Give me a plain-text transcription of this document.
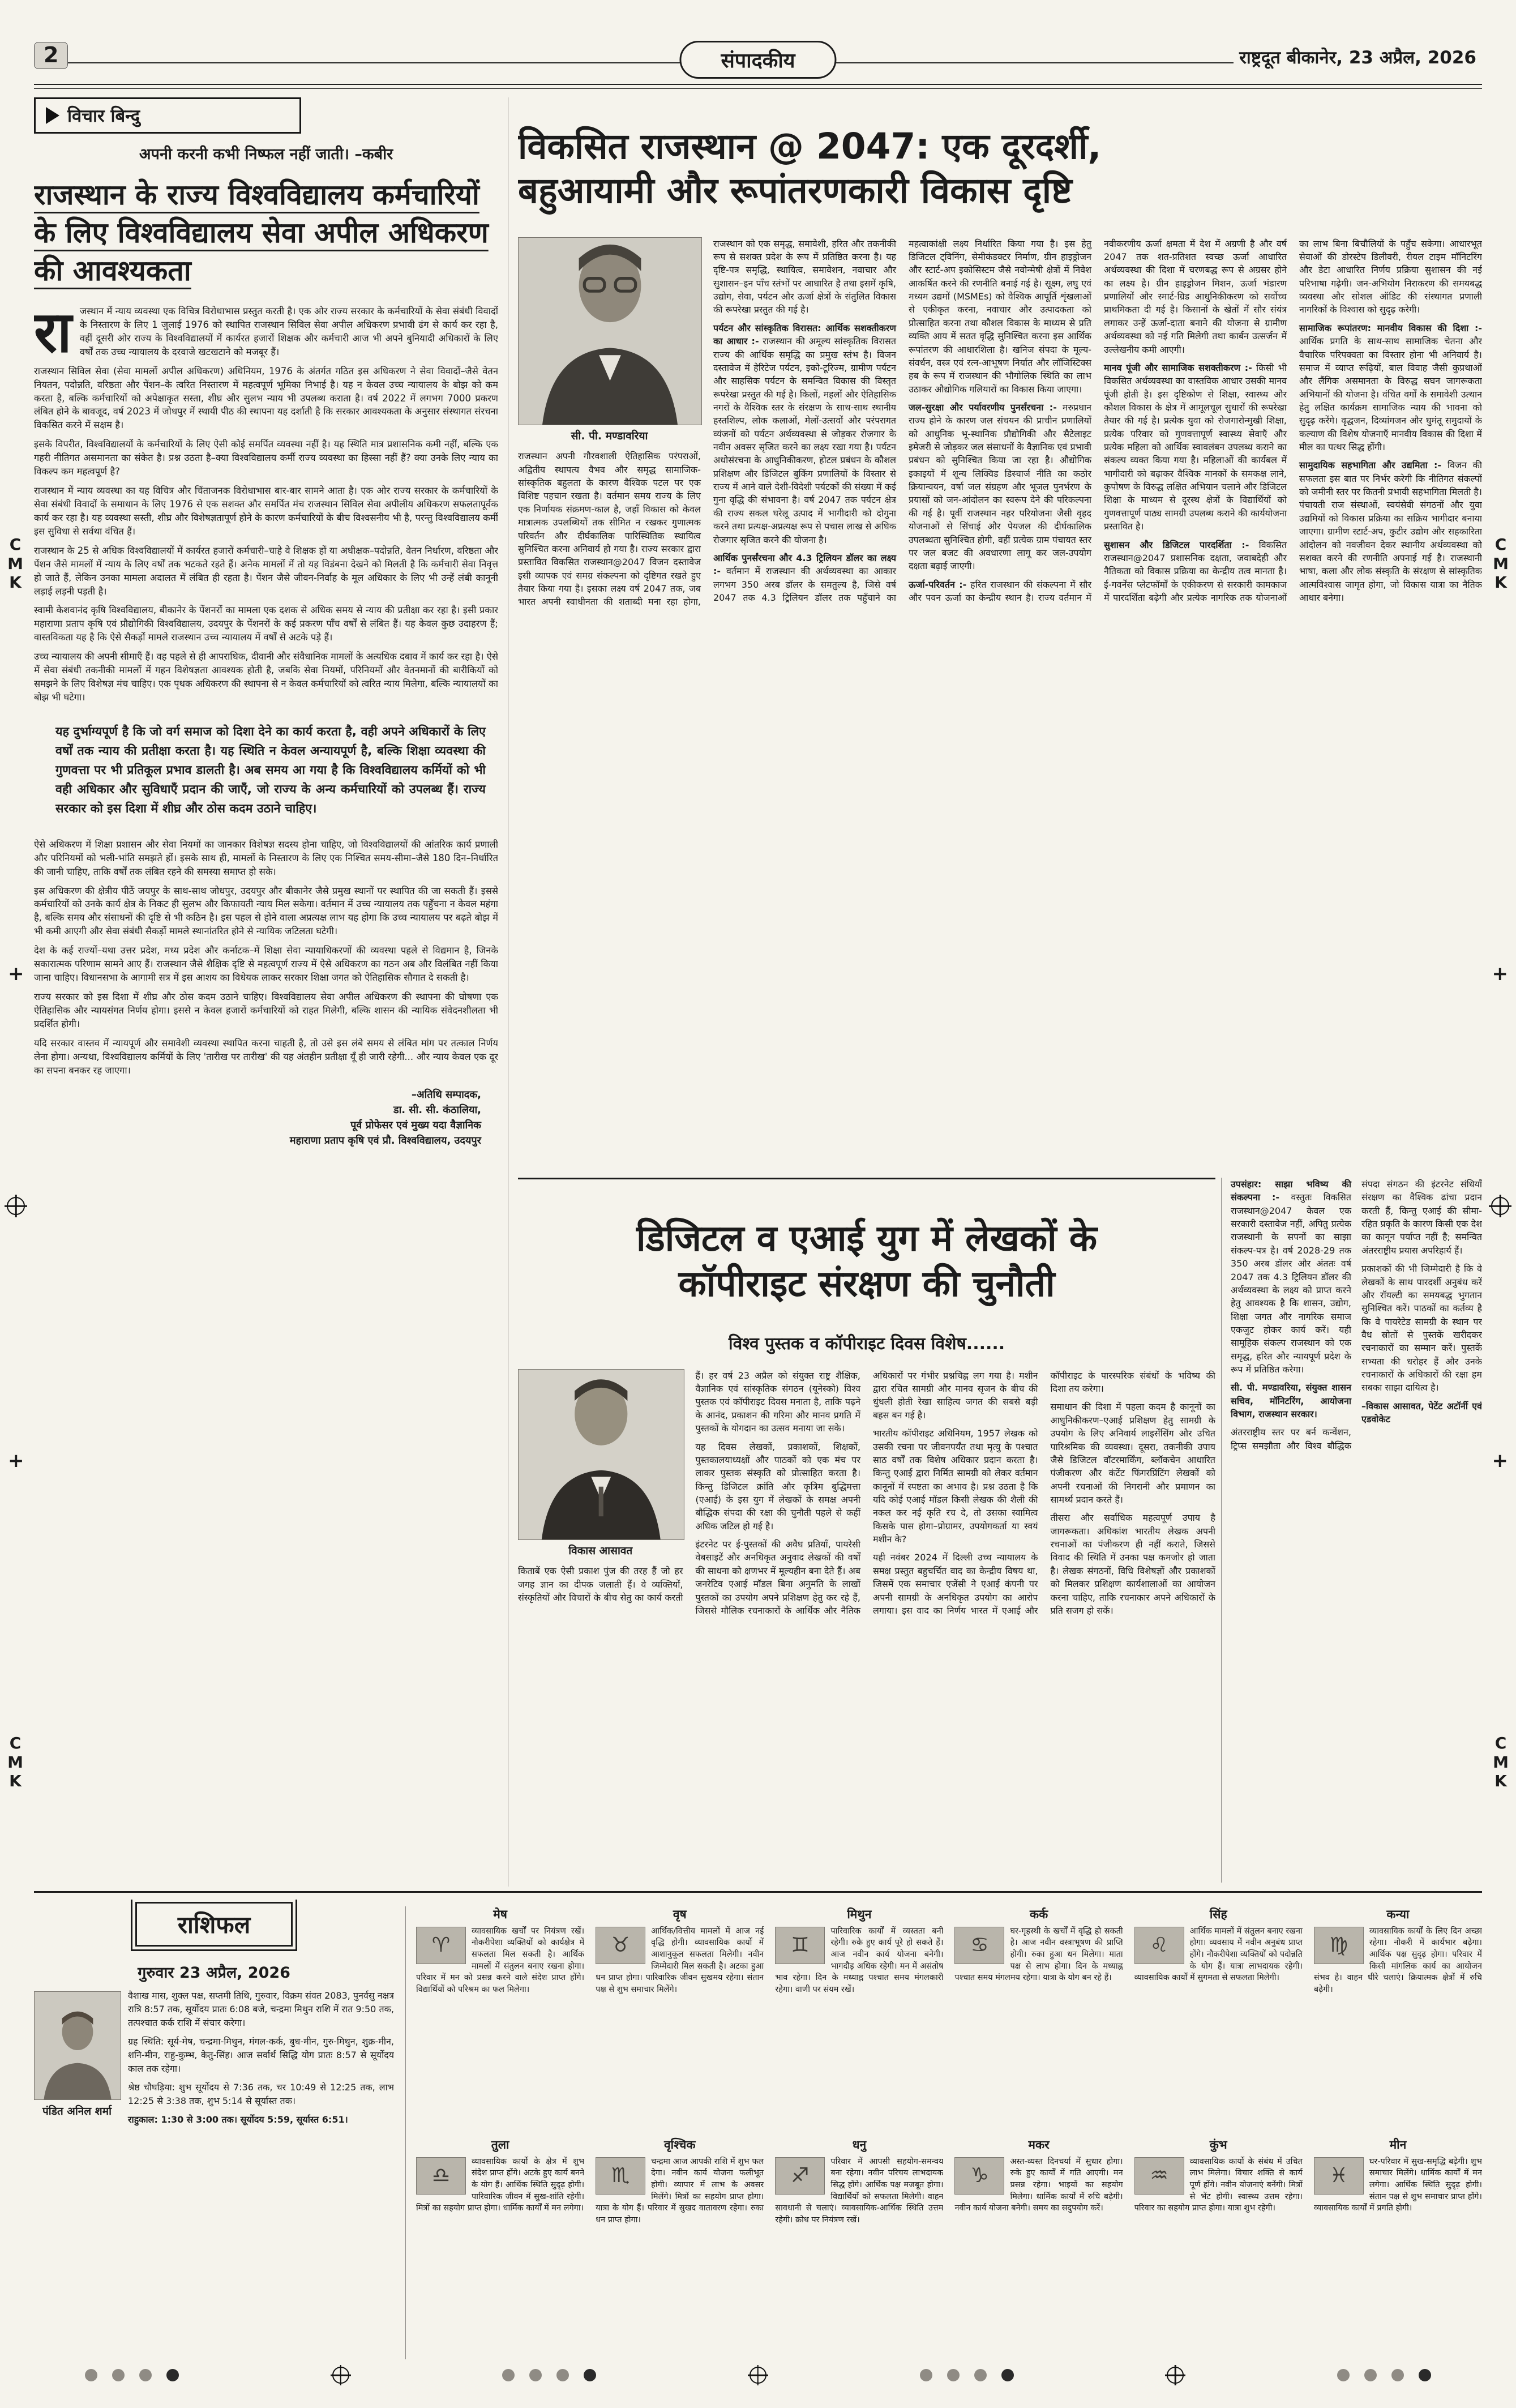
2	संपादकीय	राष्ट्रदूत बीकानेर, 23 अप्रैल, 2026
विचार बिन्दु
अपनी करनी कभी निष्फल नहीं जाती। –कबीर
राजस्थान के राज्य विश्वविद्यालय कर्मचारियों के लिए विश्वविद्यालय सेवा अपील अधिकरण की आवश्यकता

राजस्थान में न्याय व्यवस्था एक विचित्र विरोधाभास प्रस्तुत करती है। एक ओर राज्य सरकार के कर्मचारियों के सेवा संबंधी विवादों के निस्तारण के लिए 1 जुलाई 1976 को स्थापित राजस्थान सिविल सेवा अपील अधिकरण प्रभावी ढंग से कार्य कर रहा है, वहीं दूसरी ओर राज्य के विश्वविद्यालयों में कार्यरत हजारों शिक्षक और कर्मचारी आज भी अपने बुनियादी अधिकारों के लिए वर्षों तक उच्च न्यायालय के दरवाजे खटखटाने को मजबूर हैं।

राजस्थान सिविल सेवा (सेवा मामलों अपील अधिकरण) अधिनियम, 1976 के अंतर्गत गठित इस अधिकरण ने सेवा विवादों–जैसे वेतन नियतन, पदोन्नति, वरिष्ठता और पेंशन–के त्वरित निस्तारण में महत्वपूर्ण भूमिका निभाई है। यह न केवल उच्च न्यायालय के बोझ को कम करता है, बल्कि कर्मचारियों को अपेक्षाकृत सस्ता, शीघ्र और सुलभ न्याय भी उपलब्ध कराता है। वर्ष 2022 में लगभग 7000 प्रकरण लंबित होने के बावजूद, वर्ष 2023 में जोधपुर में स्थायी पीठ की स्थापना यह दर्शाती है कि सरकार आवश्यकता के अनुसार संस्थागत संरचना विकसित करने में सक्षम है।

इसके विपरीत, विश्वविद्यालयों के कर्मचारियों के लिए ऐसी कोई समर्पित व्यवस्था नहीं है। यह स्थिति मात्र प्रशासनिक कमी नहीं, बल्कि एक गहरी नीतिगत असमानता का संकेत है। प्रश्न उठता है–क्या विश्वविद्यालय कर्मी राज्य व्यवस्था का हिस्सा नहीं हैं? क्या उनके लिए न्याय का विकल्प कम महत्वपूर्ण है?

राजस्थान में न्याय व्यवस्था का यह विचित्र और चिंताजनक विरोधाभास बार-बार सामने आता है। एक ओर राज्य सरकार के कर्मचारियों के सेवा संबंधी विवादों के समाधान के लिए 1976 से एक सशक्त और समर्पित मंच राजस्थान सिविल सेवा अपीलीय अधिकरण सफलतापूर्वक कार्य कर रहा है। यह व्यवस्था सस्ती, शीघ्र और विशेषज्ञतापूर्ण होने के कारण कर्मचारियों के बीच विश्वसनीय भी है, परन्तु विश्वविद्यालय कर्मी इस सुविधा से सर्वथा वंचित हैं।

राजस्थान के 25 से अधिक विश्वविद्यालयों में कार्यरत हजारों कर्मचारी–चाहे वे शिक्षक हों या अधीक्षक–पदोन्नति, वेतन निर्धारण, वरिष्ठता और पेंशन जैसे मामलों में न्याय के लिए वर्षों तक भटकते रहते हैं। अनेक मामलों में तो यह विडंबना देखने को मिलती है कि कर्मचारी सेवा निवृत्त हो जाते हैं, लेकिन उनका मामला अदालत में लंबित ही रहता है। पेंशन जैसे जीवन-निर्वाह के मूल अधिकार के लिए भी उन्हें लंबी कानूनी लड़ाई लड़नी पड़ती है।

स्वामी केशवानंद कृषि विश्वविद्यालय, बीकानेर के पेंशनरों का मामला एक दशक से अधिक समय से न्याय की प्रतीक्षा कर रहा है। इसी प्रकार महाराणा प्रताप कृषि एवं प्रौद्योगिकी विश्वविद्यालय, उदयपुर के पेंशनरों के कई प्रकरण पाँच वर्षों से लंबित हैं। यह केवल कुछ उदाहरण हैं; वास्तविकता यह है कि ऐसे सैकड़ों मामले राजस्थान उच्च न्यायालय में वर्षों से अटके पड़े हैं।

उच्च न्यायालय की अपनी सीमाएँ हैं। वह पहले से ही आपराधिक, दीवानी और संवैधानिक मामलों के अत्यधिक दबाव में कार्य कर रहा है। ऐसे में सेवा संबंधी तकनीकी मामलों में गहन विशेषज्ञता आवश्यक होती है, जबकि सेवा नियमों, परिनियमों और वेतनमानों की बारीकियों को समझने के लिए विशेषज्ञ मंच चाहिए। एक पृथक अधिकरण की स्थापना से न केवल कर्मचारियों को त्वरित न्याय मिलेगा, बल्कि न्यायालयों का बोझ भी घटेगा।

यह दुर्भाग्यपूर्ण है कि जो वर्ग समाज को दिशा देने का कार्य करता है, वही अपने अधिकारों के लिए वर्षों तक न्याय की प्रतीक्षा करता है। यह स्थिति न केवल अन्यायपूर्ण है, बल्कि शिक्षा व्यवस्था की गुणवत्ता पर भी प्रतिकूल प्रभाव डालती है। अब समय आ गया है कि विश्वविद्यालय कर्मियों को भी वही अधिकार और सुविधाएँ प्रदान की जाएँ, जो राज्य के अन्य कर्मचारियों को उपलब्ध हैं। राज्य सरकार को इस दिशा में शीघ्र और ठोस कदम उठाने चाहिए।

ऐसे अधिकरण में शिक्षा प्रशासन और सेवा नियमों का जानकार विशेषज्ञ सदस्य होना चाहिए, जो विश्वविद्यालयों की आंतरिक कार्य प्रणाली और परिनियमों को भली-भांति समझते हों। इसके साथ ही, मामलों के निस्तारण के लिए एक निश्चित समय-सीमा–जैसे 180 दिन–निर्धारित की जानी चाहिए, ताकि वर्षों तक लंबित रहने की समस्या समाप्त हो सके।

इस अधिकरण की क्षेत्रीय पीठें जयपुर के साथ-साथ जोधपुर, उदयपुर और बीकानेर जैसे प्रमुख स्थानों पर स्थापित की जा सकती हैं। इससे कर्मचारियों को उनके कार्य क्षेत्र के निकट ही सुलभ और किफायती न्याय मिल सकेगा। वर्तमान में उच्च न्यायालय तक पहुँचना न केवल महंगा है, बल्कि समय और संसाधनों की दृष्टि से भी कठिन है। इस पहल से होने वाला अप्रत्यक्ष लाभ यह होगा कि उच्च न्यायालय पर बढ़ते बोझ में भी कमी आएगी और सेवा संबंधी सैकड़ों मामले स्थानांतरित होने से न्यायिक जटिलता घटेगी।

देश के कई राज्यों–यथा उत्तर प्रदेश, मध्य प्रदेश और कर्नाटक–में शिक्षा सेवा न्यायाधिकरणों की व्यवस्था पहले से विद्यमान है, जिनके सकारात्मक परिणाम सामने आए हैं। राजस्थान जैसे शैक्षिक दृष्टि से महत्वपूर्ण राज्य में ऐसे अधिकरण का गठन अब और विलंबित नहीं किया जाना चाहिए। विधानसभा के आगामी सत्र में इस आशय का विधेयक लाकर सरकार शिक्षा जगत को ऐतिहासिक सौगात दे सकती है।

राज्य सरकार को इस दिशा में शीघ्र और ठोस कदम उठाने चाहिए। विश्वविद्यालय सेवा अपील अधिकरण की स्थापना की घोषणा एक ऐतिहासिक और न्यायसंगत निर्णय होगा। इससे न केवल हजारों कर्मचारियों को राहत मिलेगी, बल्कि शासन की न्यायिक संवेदनशीलता भी प्रदर्शित होगी।

यदि सरकार वास्तव में न्यायपूर्ण और समावेशी व्यवस्था स्थापित करना चाहती है, तो उसे इस लंबे समय से लंबित मांग पर तत्काल निर्णय लेना होगा। अन्यथा, विश्वविद्यालय कर्मियों के लिए 'तारीख पर तारीख' की यह अंतहीन प्रतीक्षा यूँ ही जारी रहेगी... और न्याय केवल एक दूर का सपना बनकर रह जाएगा।

–अतिथि सम्पादक,
डा. सी. सी. कंठालिया,
पूर्व प्रोफेसर एवं मुख्य यदा वैज्ञानिक
महाराणा प्रताप कृषि एवं प्रौ. विश्वविद्यालय, उदयपुर
विकसित राजस्थान @ 2047: एक दूरदर्शी,
बहुआयामी और रूपांतरणकारी विकास दृष्टि
सी. पी. मण्डावरिया

राजस्थान अपनी गौरवशाली ऐतिहासिक परंपराओं, अद्वितीय स्थापत्य वैभव और समृद्ध सामाजिक-सांस्कृतिक बहुलता के कारण वैश्विक पटल पर एक विशिष्ट पहचान रखता है। वर्तमान समय राज्य के लिए एक निर्णायक संक्रमण-काल है, जहाँ विकास को केवल मात्रात्मक उपलब्धियों तक सीमित न रखकर गुणात्मक परिवर्तन और दीर्घकालिक पारिस्थितिक स्थायित्व सुनिश्चित करना अनिवार्य हो गया है। राज्य सरकार द्वारा प्रस्तावित विकसित राजस्थान@2047 विजन दस्तावेज इसी व्यापक एवं समग्र संकल्पना को दृष्टिगत रखते हुए तैयार किया गया है। इसका लक्ष्य वर्ष 2047 तक, जब भारत अपनी स्वाधीनता की शताब्दी मना रहा होगा, राजस्थान को एक समृद्ध, समावेशी, हरित और तकनीकी रूप से सशक्त प्रदेश के रूप में प्रतिष्ठित करना है। यह दृष्टि-पत्र समृद्धि, स्थायित्व, समावेशन, नवाचार और सुशासन–इन पाँच स्तंभों पर आधारित है तथा इसमें कृषि, उद्योग, सेवा, पर्यटन और ऊर्जा क्षेत्रों के संतुलित विकास की रूपरेखा प्रस्तुत की गई है।

पर्यटन और सांस्कृतिक विरासत: आर्थिक सशक्तीकरण का आधार :- राजस्थान की अमूल्य सांस्कृतिक विरासत राज्य की आर्थिक समृद्धि का प्रमुख स्तंभ है। विजन दस्तावेज में हेरिटेज पर्यटन, इको-टूरिज्म, ग्रामीण पर्यटन और साहसिक पर्यटन के समन्वित विकास की विस्तृत रूपरेखा प्रस्तुत की गई है। किलों, महलों और ऐतिहासिक नगरों के वैश्विक स्तर के संरक्षण के साथ-साथ स्थानीय हस्तशिल्प, लोक कलाओं, मेलों-उत्सवों और परंपरागत व्यंजनों को पर्यटन अर्थव्यवस्था से जोड़कर रोजगार के नवीन अवसर सृजित करने का लक्ष्य रखा गया है। पर्यटन अधोसंरचना के आधुनिकीकरण, होटल प्रबंधन के कौशल प्रशिक्षण और डिजिटल बुकिंग प्रणालियों के विस्तार से राज्य में आने वाले देशी-विदेशी पर्यटकों की संख्या में कई गुना वृद्धि की संभावना है। वर्ष 2047 तक पर्यटन क्षेत्र की राज्य सकल घरेलू उत्पाद में भागीदारी को दोगुना करने तथा प्रत्यक्ष-अप्रत्यक्ष रूप से पचास लाख से अधिक रोजगार सृजित करने की योजना है।

आर्थिक पुनर्संरचना और 4.3 ट्रिलियन डॉलर का लक्ष्य :- वर्तमान में राजस्थान की अर्थव्यवस्था का आकार लगभग 350 अरब डॉलर के समतुल्य है, जिसे वर्ष 2047 तक 4.3 ट्रिलियन डॉलर तक पहुँचाने का महत्वाकांक्षी लक्ष्य निर्धारित किया गया है। इस हेतु डिजिटल ट्विनिंग, सेमीकंडक्टर निर्माण, ग्रीन हाइड्रोजन और स्टार्ट-अप इकोसिस्टम जैसे नवोन्मेषी क्षेत्रों में निवेश आकर्षित करने की रणनीति बनाई गई है। सूक्ष्म, लघु एवं मध्यम उद्यमों (MSMEs) को वैश्विक आपूर्ति शृंखलाओं से एकीकृत करना, नवाचार और उत्पादकता को प्रोत्साहित करना तथा कौशल विकास के माध्यम से प्रति व्यक्ति आय में सतत वृद्धि सुनिश्चित करना इस आर्थिक रूपांतरण की आधारशिला है। खनिज संपदा के मूल्य-संवर्धन, वस्त्र एवं रत्न-आभूषण निर्यात और लॉजिस्टिक्स हब के रूप में राजस्थान की भौगोलिक स्थिति का लाभ उठाकर औद्योगिक गलियारों का विकास किया जाएगा।

जल-सुरक्षा और पर्यावरणीय पुनर्संरचना :- मरुप्रधान राज्य होने के कारण जल संचयन की प्राचीन प्रणालियों को आधुनिक भू-स्थानिक प्रौद्योगिकी और सैटेलाइट इमेजरी से जोड़कर जल संसाधनों के वैज्ञानिक एवं प्रभावी प्रबंधन को सुनिश्चित किया जा रहा है। औद्योगिक इकाइयों में शून्य लिक्विड डिस्चार्ज नीति का कठोर क्रियान्वयन, वर्षा जल संग्रहण और भूजल पुनर्भरण के प्रयासों को जन-आंदोलन का स्वरूप देने की परिकल्पना की गई है। पूर्वी राजस्थान नहर परियोजना जैसी वृहद योजनाओं से सिंचाई और पेयजल की दीर्घकालिक उपलब्धता सुनिश्चित होगी, वहीं प्रत्येक ग्राम पंचायत स्तर पर जल बजट की अवधारणा लागू कर जल-उपयोग दक्षता बढ़ाई जाएगी।

ऊर्जा-परिवर्तन :- हरित राजस्थान की संकल्पना में सौर और पवन ऊर्जा का केन्द्रीय स्थान है। राज्य वर्तमान में नवीकरणीय ऊर्जा क्षमता में देश में अग्रणी है और वर्ष 2047 तक शत-प्रतिशत स्वच्छ ऊर्जा आधारित अर्थव्यवस्था की दिशा में चरणबद्ध रूप से अग्रसर होने का लक्ष्य है। ग्रीन हाइड्रोजन मिशन, ऊर्जा भंडारण प्रणालियों और स्मार्ट-ग्रिड आधुनिकीकरण को सर्वोच्च प्राथमिकता दी गई है। किसानों के खेतों में सौर संयंत्र लगाकर उन्हें ऊर्जा-दाता बनाने की योजना से ग्रामीण अर्थव्यवस्था को नई गति मिलेगी तथा कार्बन उत्सर्जन में उल्लेखनीय कमी आएगी।

मानव पूंजी और सामाजिक सशक्तीकरण :- किसी भी विकसित अर्थव्यवस्था का वास्तविक आधार उसकी मानव पूंजी होती है। इस दृष्टिकोण से शिक्षा, स्वास्थ्य और कौशल विकास के क्षेत्र में आमूलचूल सुधारों की रूपरेखा तैयार की गई है। प्रत्येक युवा को रोजगारोन्मुखी शिक्षा, प्रत्येक परिवार को गुणवत्तापूर्ण स्वास्थ्य सेवाएँ और प्रत्येक महिला को आर्थिक स्वावलंबन उपलब्ध कराने का संकल्प व्यक्त किया गया है। महिलाओं की कार्यबल में भागीदारी को बढ़ाकर वैश्विक मानकों के समकक्ष लाने, कुपोषण के विरुद्ध लक्षित अभियान चलाने और डिजिटल शिक्षा के माध्यम से दूरस्थ क्षेत्रों के विद्यार्थियों को गुणवत्तापूर्ण पाठ्य सामग्री उपलब्ध कराने की कार्ययोजना प्रस्तावित है।

सुशासन और डिजिटल पारदर्शिता :- विकसित राजस्थान@2047 प्रशासनिक दक्षता, जवाबदेही और नैतिकता को विकास प्रक्रिया का केन्द्रीय तत्व मानता है। ई-गवर्नेंस प्लेटफॉर्मों के एकीकरण से सरकारी कामकाज में पारदर्शिता बढ़ेगी और प्रत्येक नागरिक तक योजनाओं का लाभ बिना बिचौलियों के पहुँच सकेगा। आधारभूत सेवाओं की डोरस्टेप डिलीवरी, रीयल टाइम मॉनिटरिंग और डेटा आधारित निर्णय प्रक्रिया सुशासन की नई परिभाषा गढ़ेगी। जन-अभियोग निराकरण की समयबद्ध व्यवस्था और सोशल ऑडिट की संस्थागत प्रणाली नागरिकों के विश्वास को सुदृढ़ करेगी।

सामाजिक रूपांतरण: मानवीय विकास की दिशा :- आर्थिक प्रगति के साथ-साथ सामाजिक चेतना और वैचारिक परिपक्वता का विस्तार होना भी अनिवार्य है। समाज में व्याप्त रूढ़ियों, बाल विवाह जैसी कुप्रथाओं और लैंगिक असमानता के विरुद्ध सघन जागरूकता अभियानों की योजना है। वंचित वर्गों के समावेशी उत्थान हेतु लक्षित कार्यक्रम सामाजिक न्याय की भावना को सुदृढ़ करेंगे। वृद्धजन, दिव्यांगजन और घुमंतू समुदायों के कल्याण की विशेष योजनाएँ मानवीय विकास की दिशा में मील का पत्थर सिद्ध होंगी।

सामुदायिक सहभागिता और उद्यमिता :- विजन की सफलता इस बात पर निर्भर करेगी कि नीतिगत संकल्पों को जमीनी स्तर पर कितनी प्रभावी सहभागिता मिलती है। पंचायती राज संस्थाओं, स्वयंसेवी संगठनों और युवा उद्यमियों को विकास प्रक्रिया का सक्रिय भागीदार बनाया जाएगा। ग्रामीण स्टार्ट-अप, कुटीर उद्योग और सहकारिता आंदोलन को नवजीवन देकर स्थानीय अर्थव्यवस्था को सशक्त करने की रणनीति अपनाई गई है। राजस्थानी भाषा, कला और लोक संस्कृति के संरक्षण से सांस्कृतिक आत्मविश्वास जागृत होगा, जो विकास यात्रा का नैतिक आधार बनेगा।

डिजिटल व एआई युग में लेखकों के
कॉपीराइट संरक्षण की चुनौती
विश्व पुस्तक व कॉपीराइट दिवस विशेष......
विकास आसावत

किताबें एक ऐसी प्रकाश पुंज की तरह हैं जो हर जगह ज्ञान का दीपक जलाती हैं। वे व्यक्तियों, संस्कृतियों और विचारों के बीच सेतु का कार्य करती हैं। हर वर्ष 23 अप्रैल को संयुक्त राष्ट्र शैक्षिक, वैज्ञानिक एवं सांस्कृतिक संगठन (यूनेस्को) विश्व पुस्तक एवं कॉपीराइट दिवस मनाता है, ताकि पढ़ने के आनंद, प्रकाशन की गरिमा और मानव प्रगति में पुस्तकों के योगदान का उत्सव मनाया जा सके।

यह दिवस लेखकों, प्रकाशकों, शिक्षकों, पुस्तकालयाध्यक्षों और पाठकों को एक मंच पर लाकर पुस्तक संस्कृति को प्रोत्साहित करता है। किन्तु डिजिटल क्रांति और कृत्रिम बुद्धिमत्ता (एआई) के इस युग में लेखकों के समक्ष अपनी बौद्धिक संपदा की रक्षा की चुनौती पहले से कहीं अधिक जटिल हो गई है।

इंटरनेट पर ई-पुस्तकों की अवैध प्रतियाँ, पायरेसी वेबसाइटें और अनधिकृत अनुवाद लेखकों की वर्षों की साधना को क्षणभर में मूल्यहीन बना देते हैं। अब जनरेटिव एआई मॉडल बिना अनुमति के लाखों पुस्तकों का उपयोग अपने प्रशिक्षण हेतु कर रहे हैं, जिससे मौलिक रचनाकारों के आर्थिक और नैतिक अधिकारों पर गंभीर प्रश्नचिह्न लग गया है। मशीन द्वारा रचित सामग्री और मानव सृजन के बीच की धुंधली होती रेखा साहित्य जगत की सबसे बड़ी बहस बन गई है।

भारतीय कॉपीराइट अधिनियम, 1957 लेखक को उसकी रचना पर जीवनपर्यंत तथा मृत्यु के पश्चात साठ वर्षों तक विशेष अधिकार प्रदान करता है। किन्तु एआई द्वारा निर्मित सामग्री को लेकर वर्तमान कानूनों में स्पष्टता का अभाव है। प्रश्न उठता है कि यदि कोई एआई मॉडल किसी लेखक की शैली की नकल कर नई कृति रच दे, तो उसका स्वामित्व किसके पास होगा–प्रोग्रामर, उपयोगकर्ता या स्वयं मशीन के?

यही नवंबर 2024 में दिल्ली उच्च न्यायालय के समक्ष प्रस्तुत बहुचर्चित वाद का केन्द्रीय विषय था, जिसमें एक समाचार एजेंसी ने एआई कंपनी पर अपनी सामग्री के अनधिकृत उपयोग का आरोप लगाया। इस वाद का निर्णय भारत में एआई और कॉपीराइट के पारस्परिक संबंधों के भविष्य की दिशा तय करेगा।

समाधान की दिशा में पहला कदम है कानूनों का आधुनिकीकरण–एआई प्रशिक्षण हेतु सामग्री के उपयोग के लिए अनिवार्य लाइसेंसिंग और उचित पारिश्रमिक की व्यवस्था। दूसरा, तकनीकी उपाय जैसे डिजिटल वॉटरमार्किंग, ब्लॉकचेन आधारित पंजीकरण और कंटेंट फिंगरप्रिंटिंग लेखकों को अपनी रचनाओं की निगरानी और प्रमाणन का सामर्थ्य प्रदान करते हैं।

तीसरा और सर्वाधिक महत्वपूर्ण उपाय है जागरूकता। अधिकांश भारतीय लेखक अपनी रचनाओं का पंजीकरण ही नहीं कराते, जिससे विवाद की स्थिति में उनका पक्ष कमजोर हो जाता है। लेखक संगठनों, विधि विशेषज्ञों और प्रकाशकों को मिलकर प्रशिक्षण कार्यशालाओं का आयोजन करना चाहिए, ताकि रचनाकार अपने अधिकारों के प्रति सजग हो सकें।

उपसंहार: साझा भविष्य की संकल्पना :- वस्तुतः विकसित राजस्थान@2047 केवल एक सरकारी दस्तावेज नहीं, अपितु प्रत्येक राजस्थानी के सपनों का साझा संकल्प-पत्र है। वर्ष 2028-29 तक 350 अरब डॉलर और अंततः वर्ष 2047 तक 4.3 ट्रिलियन डॉलर की अर्थव्यवस्था के लक्ष्य को प्राप्त करने हेतु आवश्यक है कि शासन, उद्योग, शिक्षा जगत और नागरिक समाज एकजुट होकर कार्य करें। यही सामूहिक संकल्प राजस्थान को एक समृद्ध, हरित और न्यायपूर्ण प्रदेश के रूप में प्रतिष्ठित करेगा।

सी. पी. मण्डावरिया, संयुक्त शासन सचिव, मॉनिटरिंग, आयोजना विभाग, राजस्थान सरकार।

अंतरराष्ट्रीय स्तर पर बर्न कन्वेंशन, ट्रिप्स समझौता और विश्व बौद्धिक संपदा संगठन की इंटरनेट संधियाँ संरक्षण का वैश्विक ढांचा प्रदान करती हैं, किन्तु एआई की सीमा-रहित प्रकृति के कारण किसी एक देश का कानून पर्याप्त नहीं है; समन्वित अंतरराष्ट्रीय प्रयास अपरिहार्य हैं।

प्रकाशकों की भी जिम्मेदारी है कि वे लेखकों के साथ पारदर्शी अनुबंध करें और रॉयल्टी का समयबद्ध भुगतान सुनिश्चित करें। पाठकों का कर्तव्य है कि वे पायरेटेड सामग्री के स्थान पर वैध स्रोतों से पुस्तकें खरीदकर रचनाकारों का सम्मान करें। पुस्तकें सभ्यता की धरोहर हैं और उनके रचनाकारों के अधिकारों की रक्षा हम सबका साझा दायित्व है।

–विकास आसावत, पेटेंट अटॉर्नी एवं एडवोकेट

राशिफल
गुरुवार 23 अप्रैल, 2026
पंडित अनिल शर्मा

वैशाख मास, शुक्ल पक्ष, सप्तमी तिथि, गुरुवार, विक्रम संवत 2083, पुनर्वसु नक्षत्र रात्रि 8:57 तक, सूर्योदय प्रातः 6:08 बजे, चन्द्रमा मिथुन राशि में रात 9:50 तक, तत्पश्चात कर्क राशि में संचार करेगा।

ग्रह स्थिति: सूर्य-मेष, चन्द्रमा-मिथुन, मंगल-कर्क, बुध-मीन, गुरु-मिथुन, शुक्र-मीन, शनि-मीन, राहु-कुम्भ, केतु-सिंह। आज सर्वार्थ सिद्धि योग प्रातः 8:57 से सूर्योदय काल तक रहेगा।

श्रेष्ठ चौघड़िया: शुभ सूर्योदय से 7:36 तक, चर 10:49 से 12:25 तक, लाभ 12:25 से 3:38 तक, शुभ 5:14 से सूर्यास्त तक।

राहुकाल: 1:30 से 3:00 तक। सूर्योदय 5:59, सूर्यास्त 6:51।

मेष
♈
व्यावसायिक खर्चों पर नियंत्रण रखें। नौकरीपेशा व्यक्तियों को कार्यक्षेत्र में सफलता मिल सकती है। आर्थिक मामलों में संतुलन बनाए रखना होगा। परिवार में मन को प्रसन्न करने वाले संदेश प्राप्त होंगे। विद्यार्थियों को परिश्रम का फल मिलेगा।
वृष
♉
आर्थिक/वित्तीय मामलों में आज नई वृद्धि होगी। व्यावसायिक कार्यों में आशानुकूल सफलता मिलेगी। नवीन जिम्मेदारी मिल सकती है। अटका हुआ धन प्राप्त होगा। पारिवारिक जीवन सुखमय रहेगा। संतान पक्ष से शुभ समाचार मिलेंगे।
मिथुन
♊
पारिवारिक कार्यों में व्यस्तता बनी रहेगी। रुके हुए कार्य पूरे हो सकते हैं। आज नवीन कार्य योजना बनेगी। भागदौड़ अधिक रहेगी। मन में असंतोष भाव रहेगा। दिन के मध्याह्न पश्चात समय मंगलकारी रहेगा। वाणी पर संयम रखें।
कर्क
♋
घर-गृहस्थी के खर्चों में वृद्धि हो सकती है। आज नवीन वस्त्राभूषण की प्राप्ति होगी। रुका हुआ धन मिलेगा। माता पक्ष से लाभ होगा। दिन के मध्याह्न पश्चात समय मंगलमय रहेगा। यात्रा के योग बन रहे हैं।
सिंह
♌
आर्थिक मामलों में संतुलन बनाए रखना होगा। व्यवसाय में नवीन अनुबंध प्राप्त होंगे। नौकरीपेशा व्यक्तियों को पदोन्नति के योग हैं। यात्रा लाभदायक रहेगी। व्यावसायिक कार्यों में सुगमता से सफलता मिलेगी।
कन्या
♍
व्यावसायिक कार्यों के लिए दिन अच्छा रहेगा। नौकरी में कार्यभार बढ़ेगा। आर्थिक पक्ष सुदृढ़ होगा। परिवार में किसी मांगलिक कार्य का आयोजन संभव है। वाहन धीरे चलाएं। क्रियात्मक क्षेत्रों में रुचि बढ़ेगी।
तुला
♎
व्यावसायिक कार्यों के क्षेत्र में शुभ संदेश प्राप्त होंगे। अटके हुए कार्य बनने के योग हैं। आर्थिक स्थिति सुदृढ़ होगी। पारिवारिक जीवन में सुख-शांति रहेगी। मित्रों का सहयोग प्राप्त होगा। धार्मिक कार्यों में मन लगेगा।
वृश्चिक
♏
चन्द्रमा आज आपकी राशि में शुभ फल देगा। नवीन कार्य योजना फलीभूत होगी। व्यापार में लाभ के अवसर मिलेंगे। मित्रों का सहयोग प्राप्त होगा। यात्रा के योग हैं। परिवार में सुखद वातावरण रहेगा। रुका धन प्राप्त होगा।
धनु
♐
परिवार में आपसी सहयोग-समन्वय बना रहेगा। नवीन परिचय लाभदायक सिद्ध होंगे। आर्थिक पक्ष मजबूत होगा। विद्यार्थियों को सफलता मिलेगी। वाहन सावधानी से चलाएं। व्यावसायिक-आर्थिक स्थिति उत्तम रहेगी। क्रोध पर नियंत्रण रखें।
मकर
♑
अस्त-व्यस्त दिनचर्या में सुधार होगा। रुके हुए कार्यों में गति आएगी। मन प्रसन्न रहेगा। भाइयों का सहयोग मिलेगा। धार्मिक कार्यों में रुचि बढ़ेगी। नवीन कार्य योजना बनेगी। समय का सदुपयोग करें।
कुंभ
♒
व्यावसायिक कार्यों के संबंध में उचित लाभ मिलेगा। विचार शक्ति से कार्य पूर्ण होंगे। नवीन योजनाएं बनेंगी। मित्रों से भेंट होगी। स्वास्थ्य उत्तम रहेगा। परिवार का सहयोग प्राप्त होगा। यात्रा शुभ रहेगी।
मीन
♓
घर-परिवार में सुख-समृद्धि बढ़ेगी। शुभ समाचार मिलेंगे। धार्मिक कार्यों में मन लगेगा। आर्थिक स्थिति सुदृढ़ होगी। संतान पक्ष से शुभ समाचार प्राप्त होंगे। व्यावसायिक कार्यों में प्रगति होगी।
C
M
K
C
M
K
C
M
K
C
M
K
+	+
+	+
